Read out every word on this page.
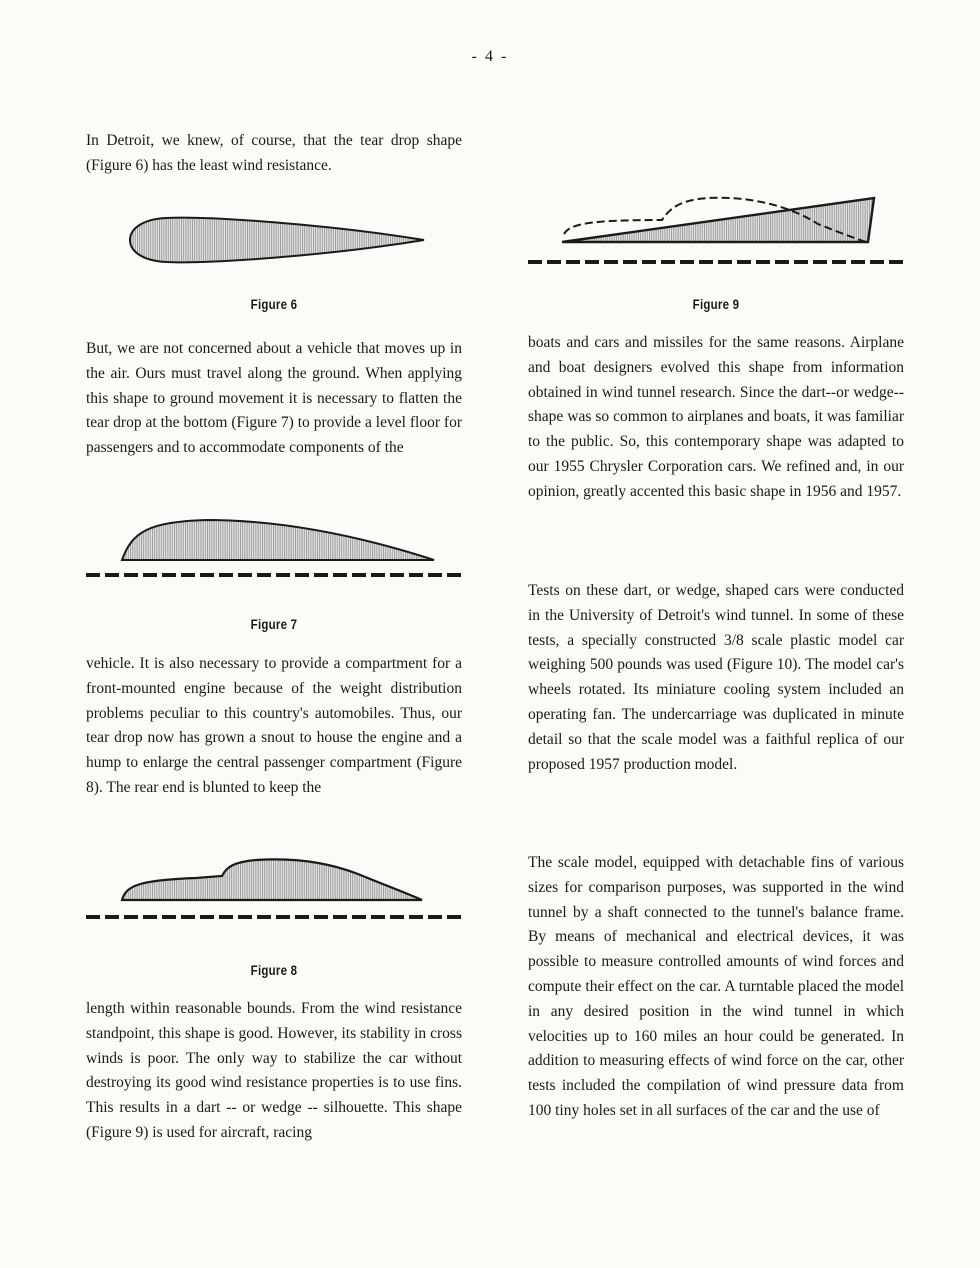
- 4 -

In Detroit, we knew, of course, that the tear drop shape (Figure 6) has the least wind resistance.

Figure 6

But, we are not concerned about a vehicle that moves up in the air. Ours must travel along the ground. When applying this shape to ground movement it is necessary to flatten the tear drop at the bottom (Figure 7) to provide a level floor for passengers and to accommodate components of the

Figure 7

vehicle. It is also necessary to provide a compartment for a front-mounted engine because of the weight distribution problems peculiar to this country's automobiles. Thus, our tear drop now has grown a snout to house the engine and a hump to enlarge the central passenger compartment (Figure 8). The rear end is blunted to keep the

Figure 8

length within reasonable bounds. From the wind resistance standpoint, this shape is good. However, its stability in cross winds is poor. The only way to stabilize the car without destroying its good wind resistance properties is to use fins. This results in a dart -- or wedge -- silhouette. This shape (Figure 9) is used for aircraft, racing

Figure 9

boats and cars and missiles for the same reasons. Airplane and boat designers evolved this shape from information obtained in wind tunnel research. Since the dart--or wedge--shape was so common to airplanes and boats, it was familiar to the public. So, this contemporary shape was adapted to our 1955 Chrysler Corporation cars. We refined and, in our opinion, greatly accented this basic shape in 1956 and 1957.

Tests on these dart, or wedge, shaped cars were conducted in the University of Detroit's wind tunnel. In some of these tests, a specially constructed 3/8 scale plastic model car weighing 500 pounds was used (Figure 10). The model car's wheels rotated. Its miniature cooling system included an operating fan. The undercarriage was duplicated in minute detail so that the scale model was a faithful replica of our proposed 1957 production model.

The scale model, equipped with detachable fins of various sizes for comparison purposes, was supported in the wind tunnel by a shaft connected to the tunnel's balance frame. By means of mechanical and electrical devices, it was possible to measure controlled amounts of wind forces and compute their effect on the car. A turntable placed the model in any desired position in the wind tunnel in which velocities up to 160 miles an hour could be generated. In addition to measuring effects of wind force on the car, other tests included the compilation of wind pressure data from 100 tiny holes set in all surfaces of the car and the use of
